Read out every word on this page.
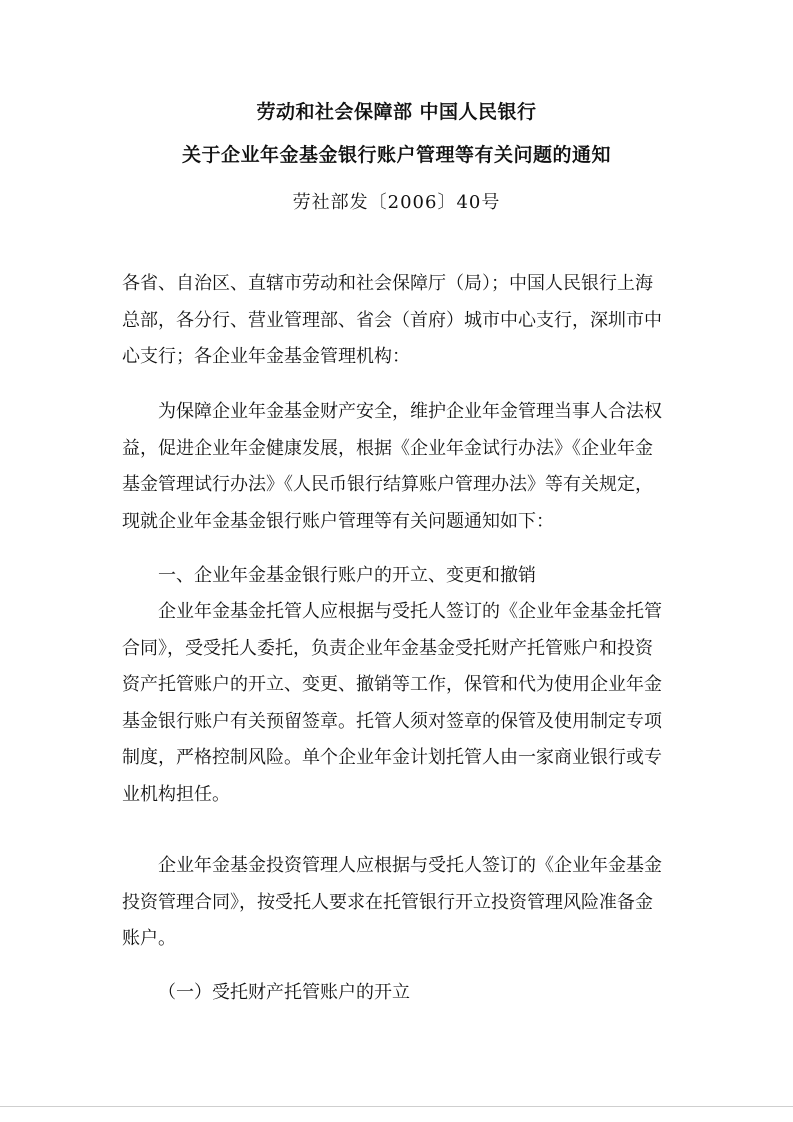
劳动和社会保障部 中国人民银行
关于企业年金基金银行账户管理等有关问题的通知
劳社部发〔2006〕40号
各省、自治区、直辖市劳动和社会保障厅（局）；中国人民银行上海
总部，各分行、营业管理部、省会（首府）城市中心支行，深圳市中
心支行；各企业年金基金管理机构：
为保障企业年金基金财产安全，维护企业年金管理当事人合法权
益，促进企业年金健康发展，根据《企业年金试行办法》《企业年金
基金管理试行办法》《人民币银行结算账户管理办法》等有关规定，
现就企业年金基金银行账户管理等有关问题通知如下：
一、企业年金基金银行账户的开立、变更和撤销
企业年金基金托管人应根据与受托人签订的《企业年金基金托管
合同》，受受托人委托，负责企业年金基金受托财产托管账户和投资
资产托管账户的开立、变更、撤销等工作，保管和代为使用企业年金
基金银行账户有关预留签章。托管人须对签章的保管及使用制定专项
制度，严格控制风险。单个企业年金计划托管人由一家商业银行或专
业机构担任。
企业年金基金投资管理人应根据与受托人签订的《企业年金基金
投资管理合同》，按受托人要求在托管银行开立投资管理风险准备金
账户。
（一）受托财产托管账户的开立
